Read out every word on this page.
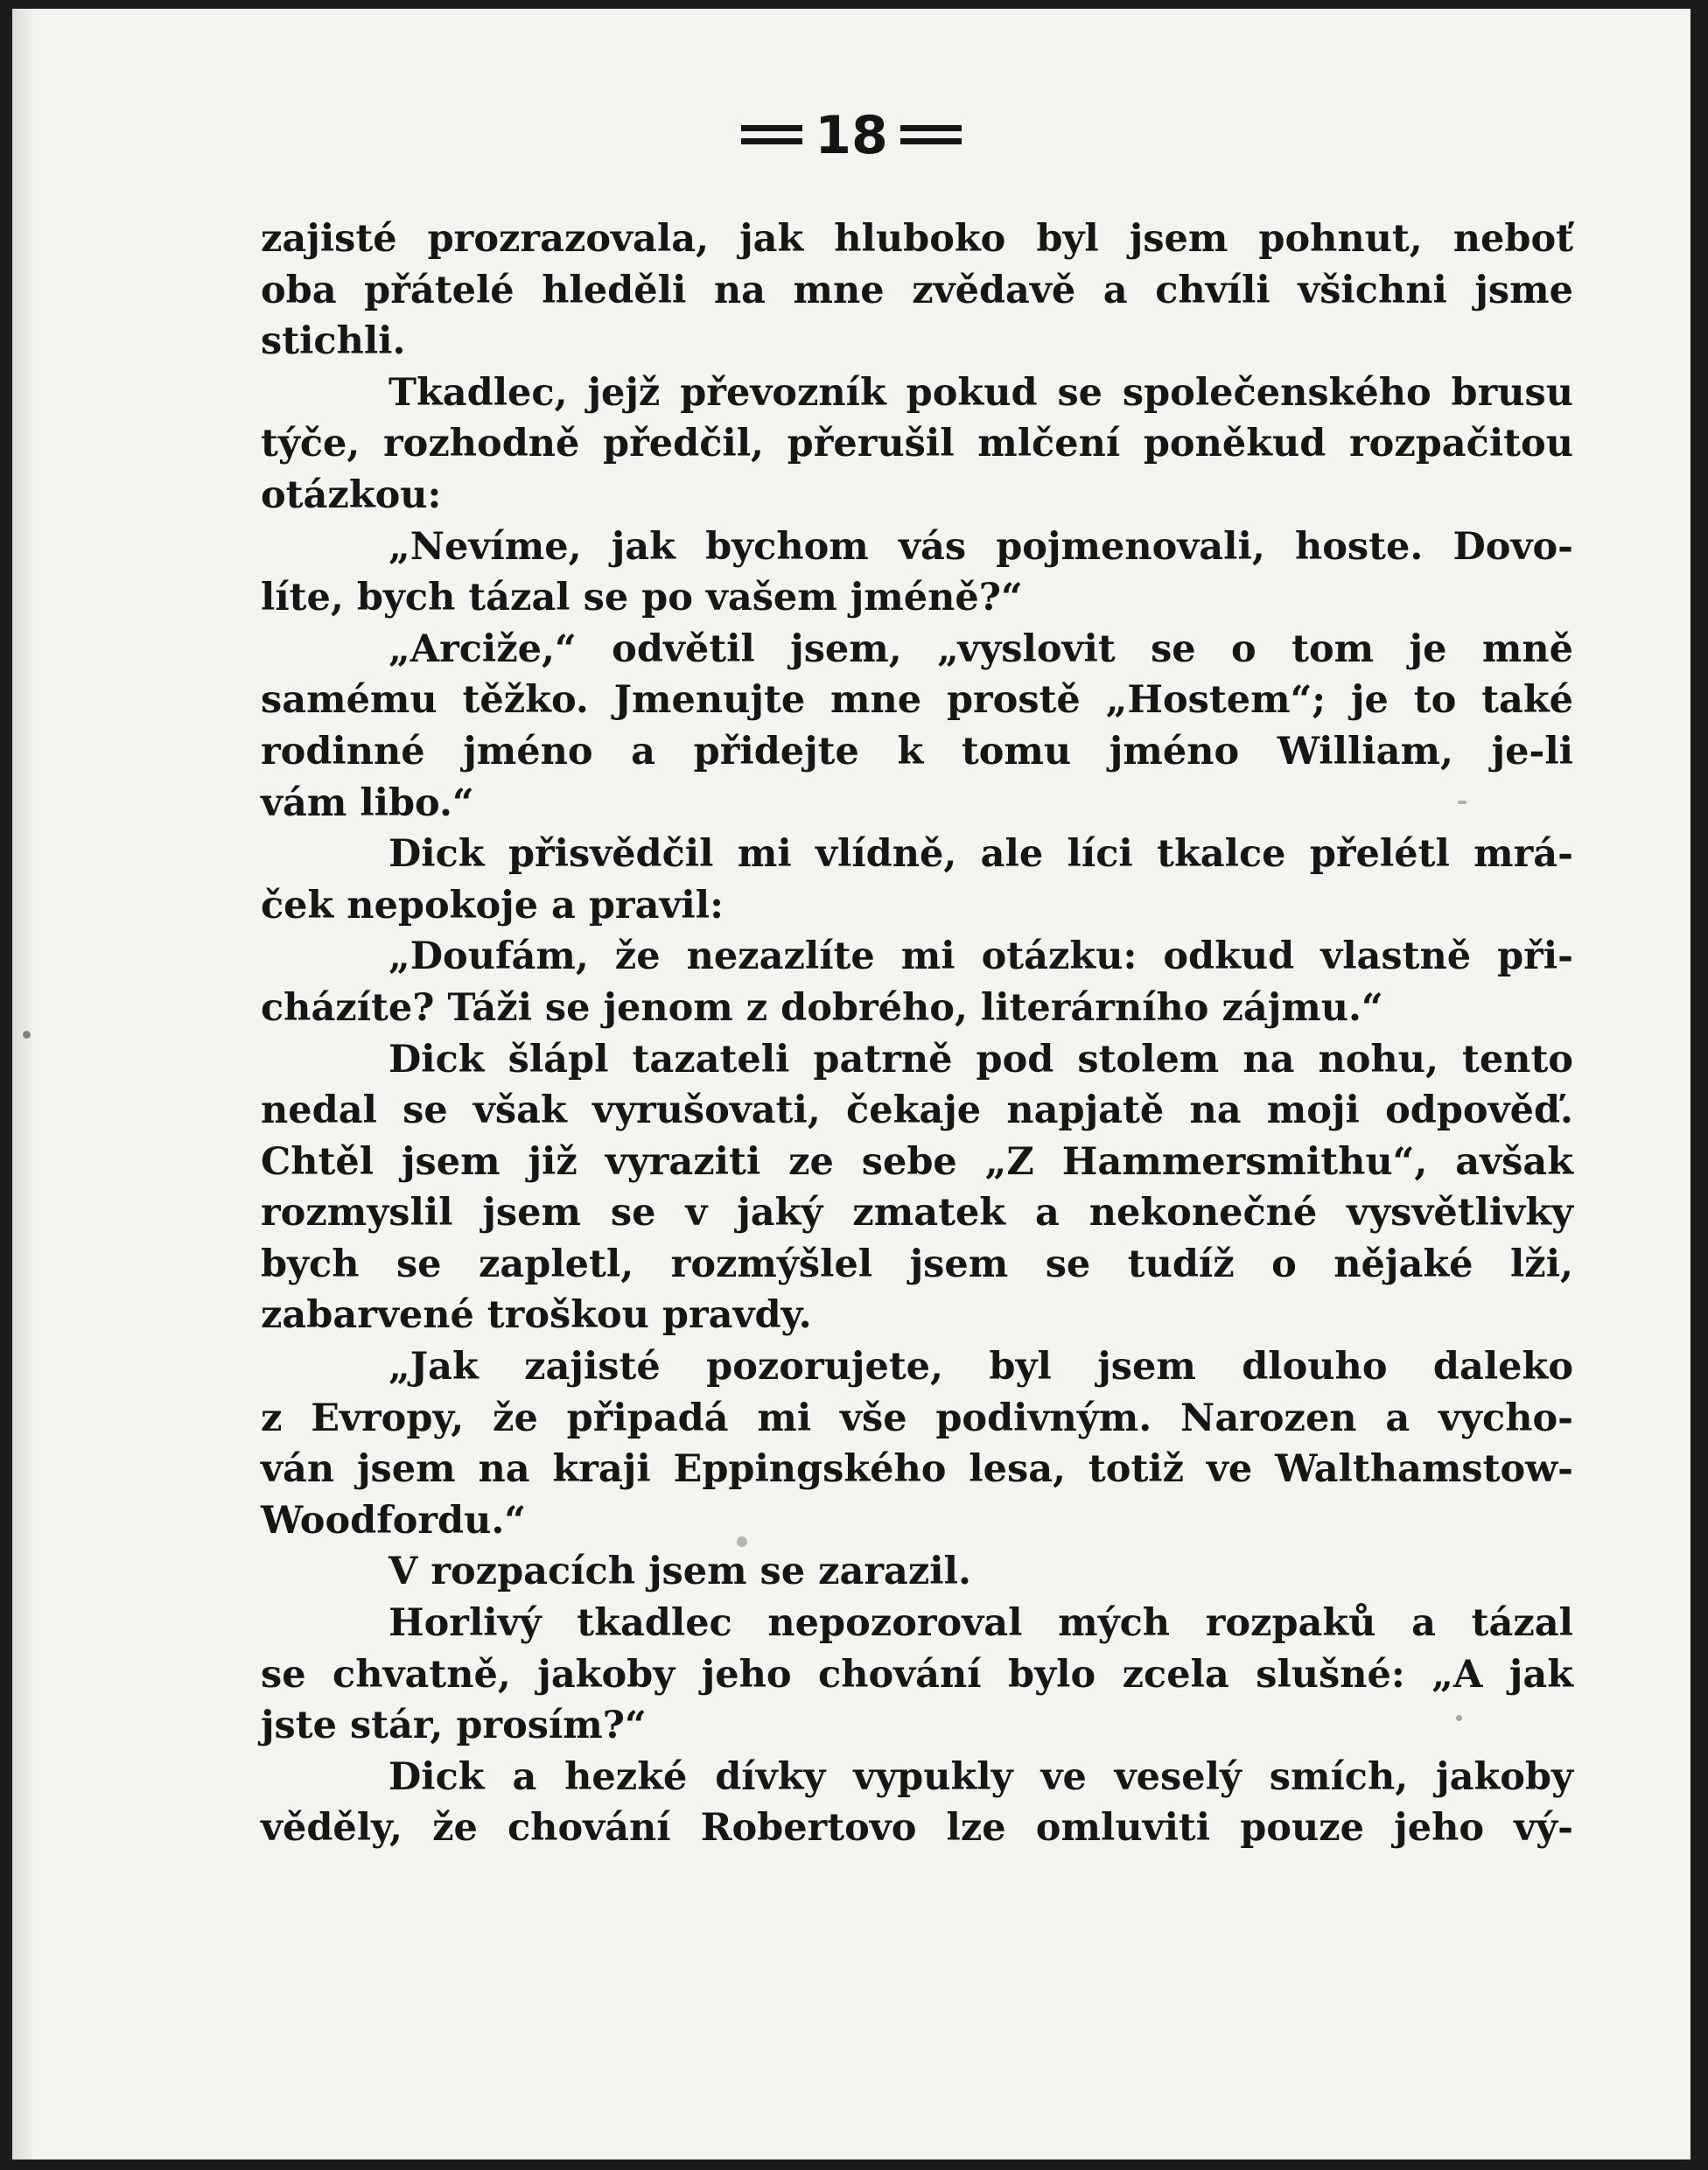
18
zajisté prozrazovala, jak hluboko byl jsem pohnut, neboť
oba přátelé hleděli na mne zvědavě a chvíli všichni jsme
stichli.
Tkadlec, jejž převozník pokud se společenského brusu
týče, rozhodně předčil, přerušil mlčení poněkud rozpačitou
otázkou:
„Nevíme, jak bychom vás pojmenovali, hoste. Dovo-
líte, bych tázal se po vašem jméně?“
„Arciže,“ odvětil jsem, „vyslovit se o tom je mně
samému těžko. Jmenujte mne prostě „Hostem“; je to také
rodinné jméno a přidejte k tomu jméno William, je-li
vám libo.“
Dick přisvědčil mi vlídně, ale líci tkalce přelétl mrá-
ček nepokoje a pravil:
„Doufám, že nezazlíte mi otázku: odkud vlastně při-
cházíte? Táži se jenom z dobrého, literárního zájmu.“
Dick šlápl tazateli patrně pod stolem na nohu, tento
nedal se však vyrušovati, čekaje napjatě na moji odpověď.
Chtěl jsem již vyraziti ze sebe „Z Hammersmithu“, avšak
rozmyslil jsem se v jaký zmatek a nekonečné vysvětlivky
bych se zapletl, rozmýšlel jsem se tudíž o nějaké lži,
zabarvené troškou pravdy.
„Jak zajisté pozorujete, byl jsem dlouho daleko
z Evropy, že připadá mi vše podivným. Narozen a vycho-
ván jsem na kraji Eppingského lesa, totiž ve Walthamstow-
Woodfordu.“
V rozpacích jsem se zarazil.
Horlivý tkadlec nepozoroval mých rozpaků a tázal
se chvatně, jakoby jeho chování bylo zcela slušné: „A jak
jste stár, prosím?“
Dick a hezké dívky vypukly ve veselý smích, jakoby
věděly, že chování Robertovo lze omluviti pouze jeho vý-
